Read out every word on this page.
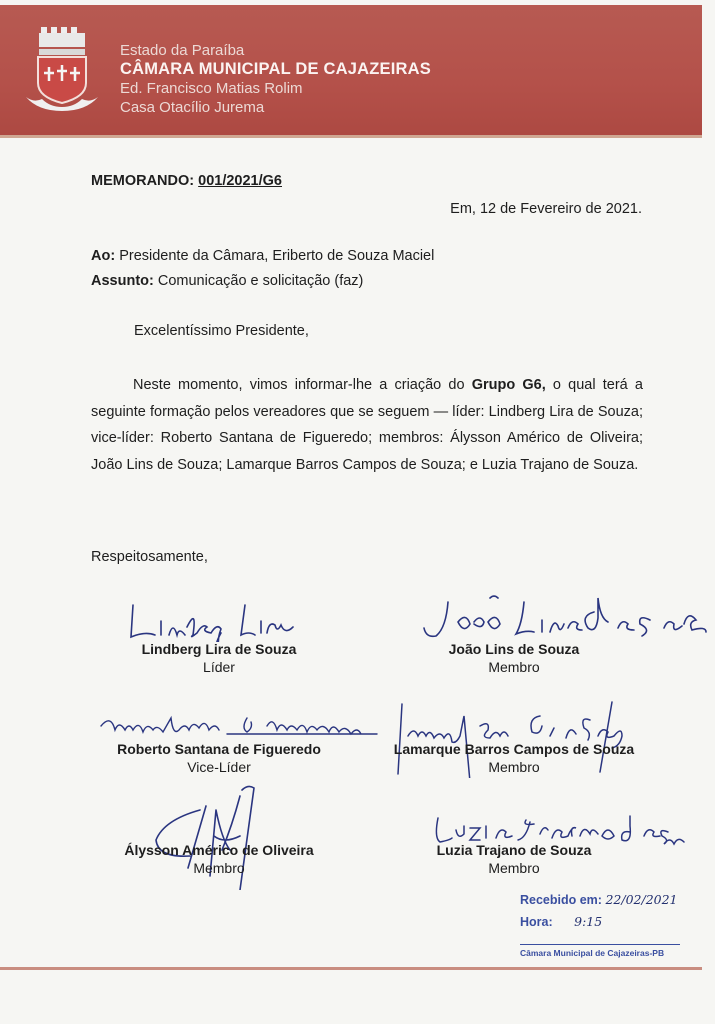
Estado da Paraíba
CÂMARA MUNICIPAL DE CAJAZEIRAS
Ed. Francisco Matias Rolim
Casa Otacílio Jurema
MEMORANDO: 001/2021/G6
Em, 12 de Fevereiro de 2021.
Ao: Presidente da Câmara, Eriberto de Souza Maciel
Assunto: Comunicação e solicitação (faz)
Excelentíssimo Presidente,
Neste momento, vimos informar-lhe a criação do Grupo G6, o qual terá a seguinte formação pelos vereadores que se seguem — líder: Lindberg Lira de Souza; vice-líder: Roberto Santana de Figueredo; membros: Álysson Américo de Oliveira; João Lins de Souza; Lamarque Barros Campos de Souza; e Luzia Trajano de Souza.
Respeitosamente,
Lindberg Lira de Souza
Líder
João Lins de Souza
Membro
Roberto Santana de Figueredo
Vice-Líder
Lamarque Barros Campos de Souza
Membro
Álysson Américo de Oliveira
Membro
Luzia Trajano de Souza
Membro
Recebido em: 22/02/2021
Hora: 9:15
Câmara Municipal de Cajazeiras-PB
